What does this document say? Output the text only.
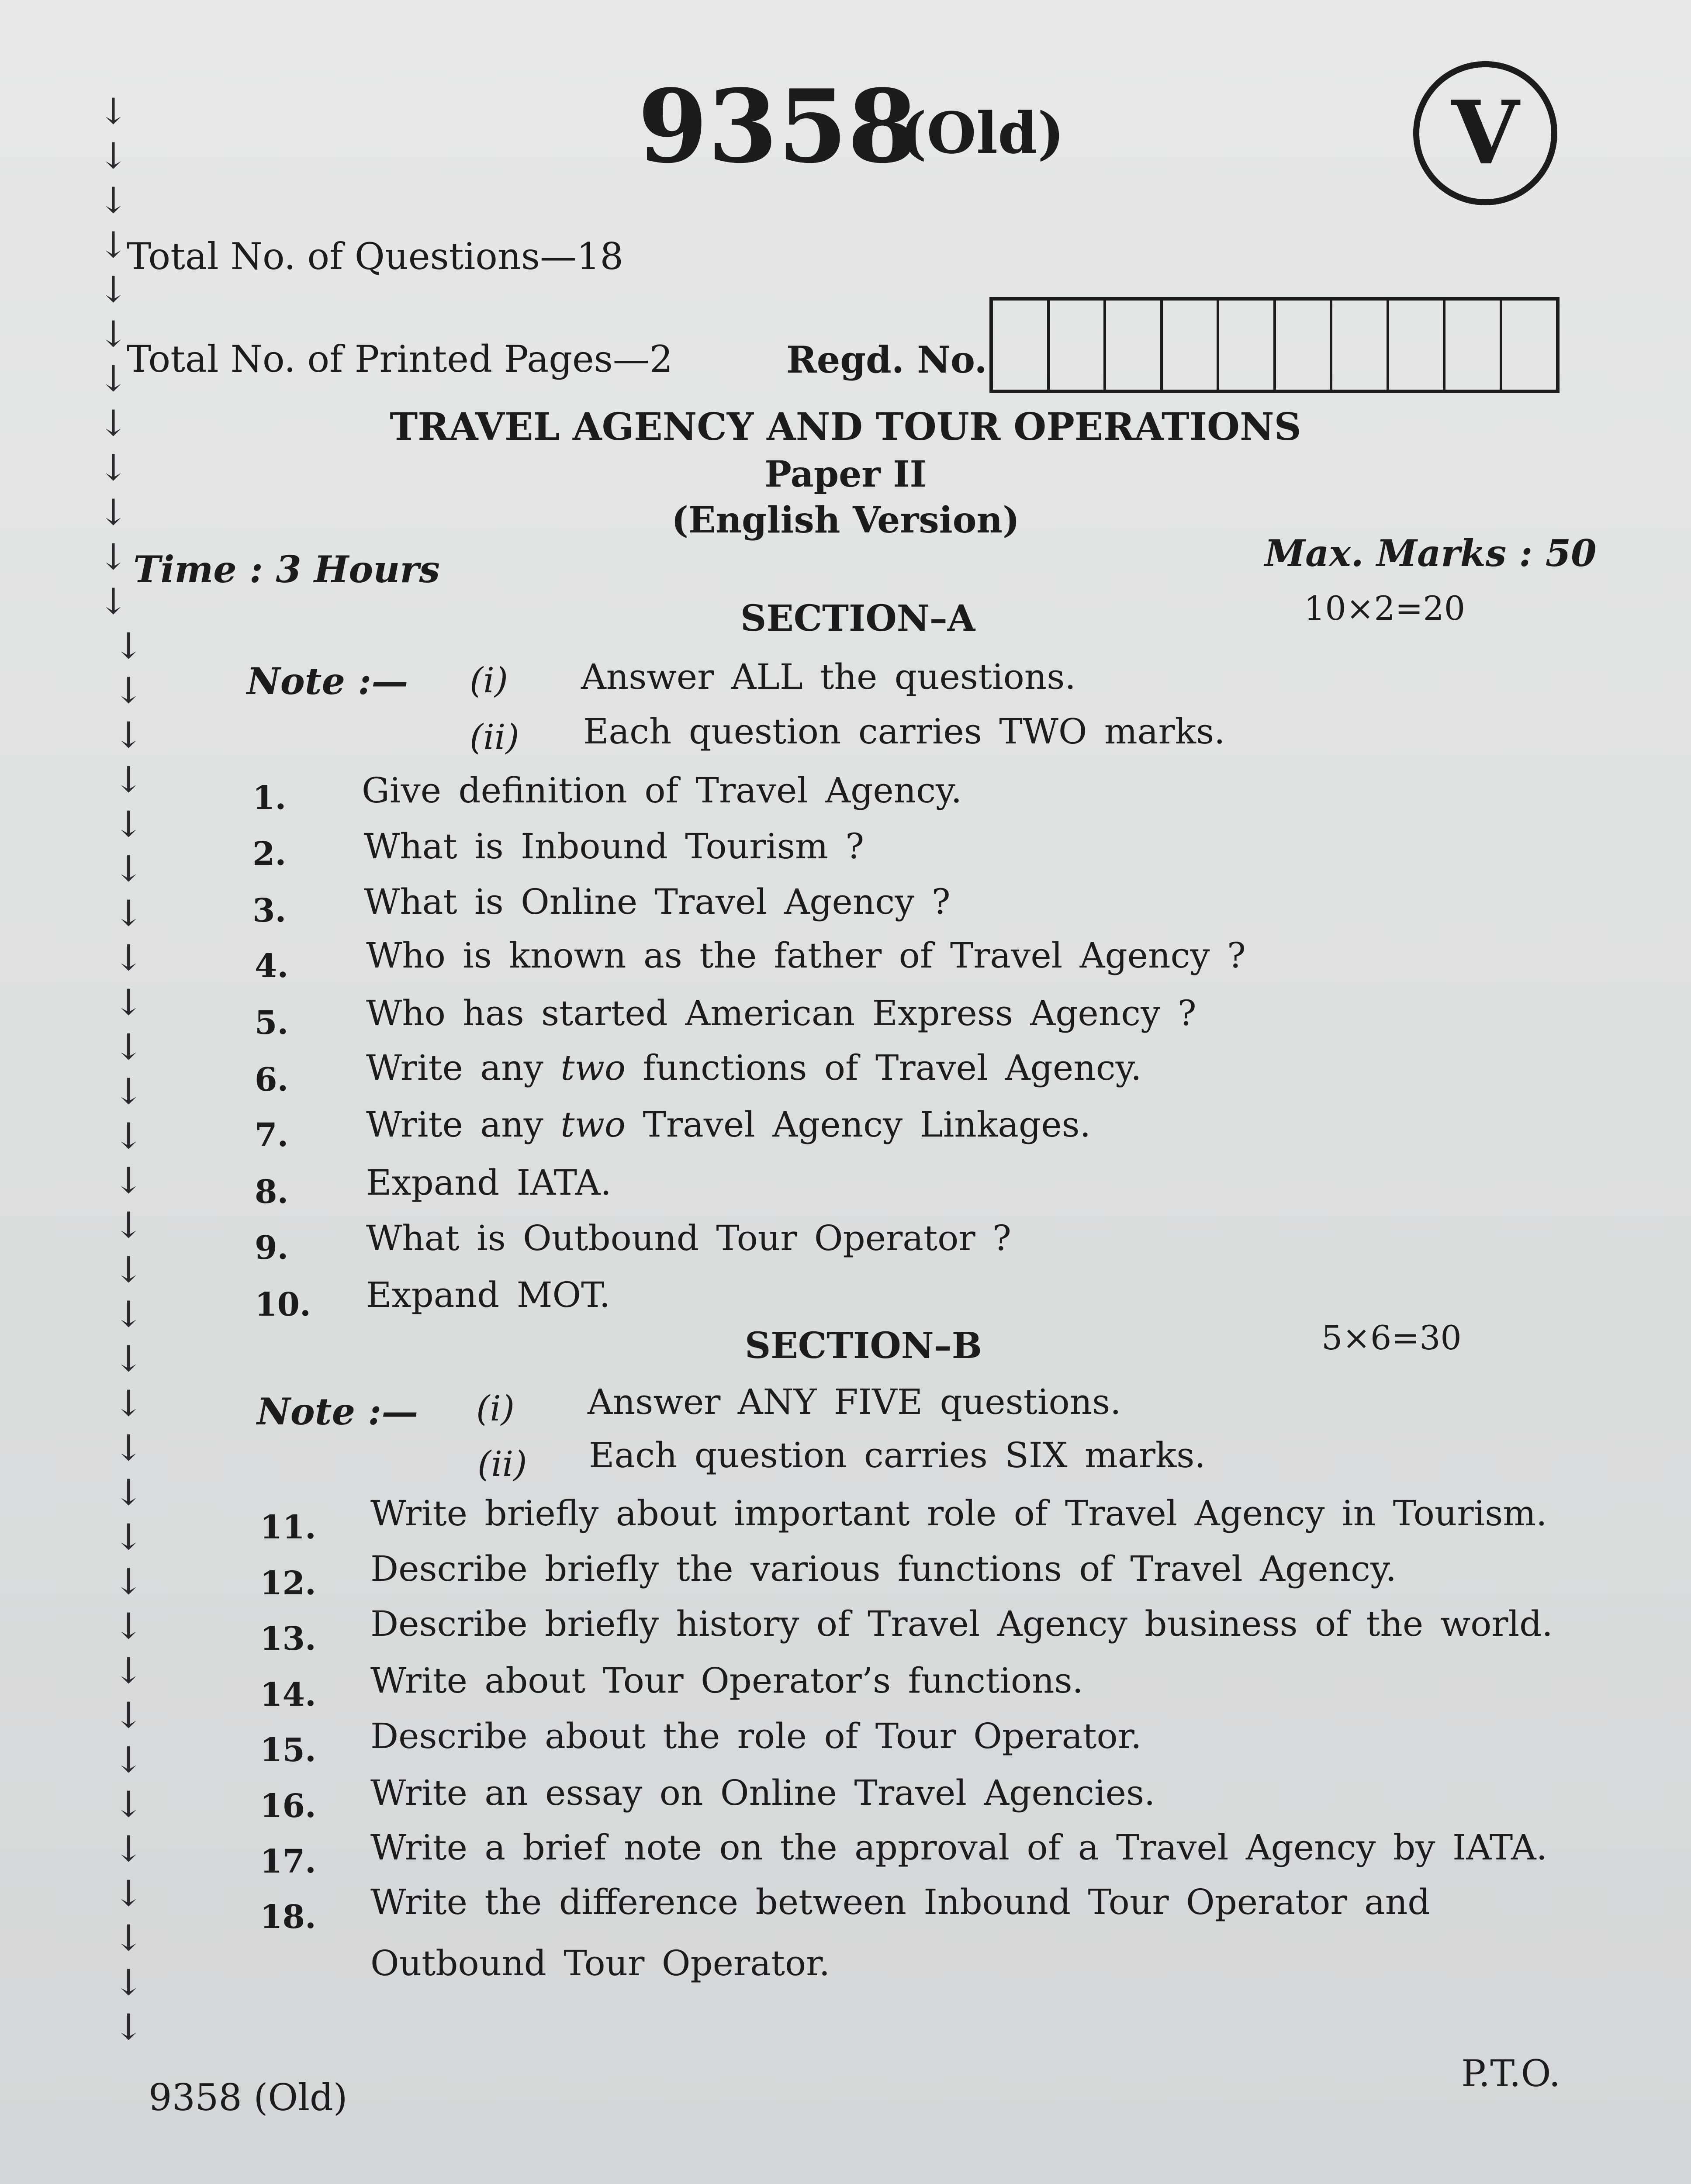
↓
↓
↓
↓
↓
↓
↓
↓
↓
↓
↓
↓
↓
↓
↓
↓
↓
↓
↓
↓
↓
↓
↓
↓
↓
↓
↓
↓
↓
↓
↓
↓
↓
↓
↓
↓
↓
↓
↓
↓
↓
↓
↓
↓
9358
(Old)	V
Total No. of Questions—18
Total No. of Printed Pages—2	Regd. No.
TRAVEL AGENCY AND TOUR OPERATIONS
Paper II
(English Version)
Time : 3 Hours	Max. Marks : 50
SECTION–A	10×2=20
Note :— (i) Answer ALL the questions.
(ii) Each question carries TWO marks.
1. Give definition of Travel Agency.
2. What is Inbound Tourism ?
3. What is Online Travel Agency ?
4. Who is known as the father of Travel Agency ?
5. Who has started American Express Agency ?
6. Write any two functions of Travel Agency.
7. Write any two Travel Agency Linkages.
8. Expand IATA.
9. What is Outbound Tour Operator ?
10. Expand MOT.
SECTION–B	5×6=30
Note :— (i) Answer ANY FIVE questions.
(ii) Each question carries SIX marks.
11. Write briefly about important role of Travel Agency in Tourism.
12. Describe briefly the various functions of Travel Agency.
13. Describe briefly history of Travel Agency business of the world.
14. Write about Tour Operator’s functions.
15. Describe about the role of Tour Operator.
16. Write an essay on Online Travel Agencies.
17. Write a brief note on the approval of a Travel Agency by IATA.
18. Write the difference between Inbound Tour Operator and
Outbound Tour Operator.
9358 (Old)
P.T.O.
